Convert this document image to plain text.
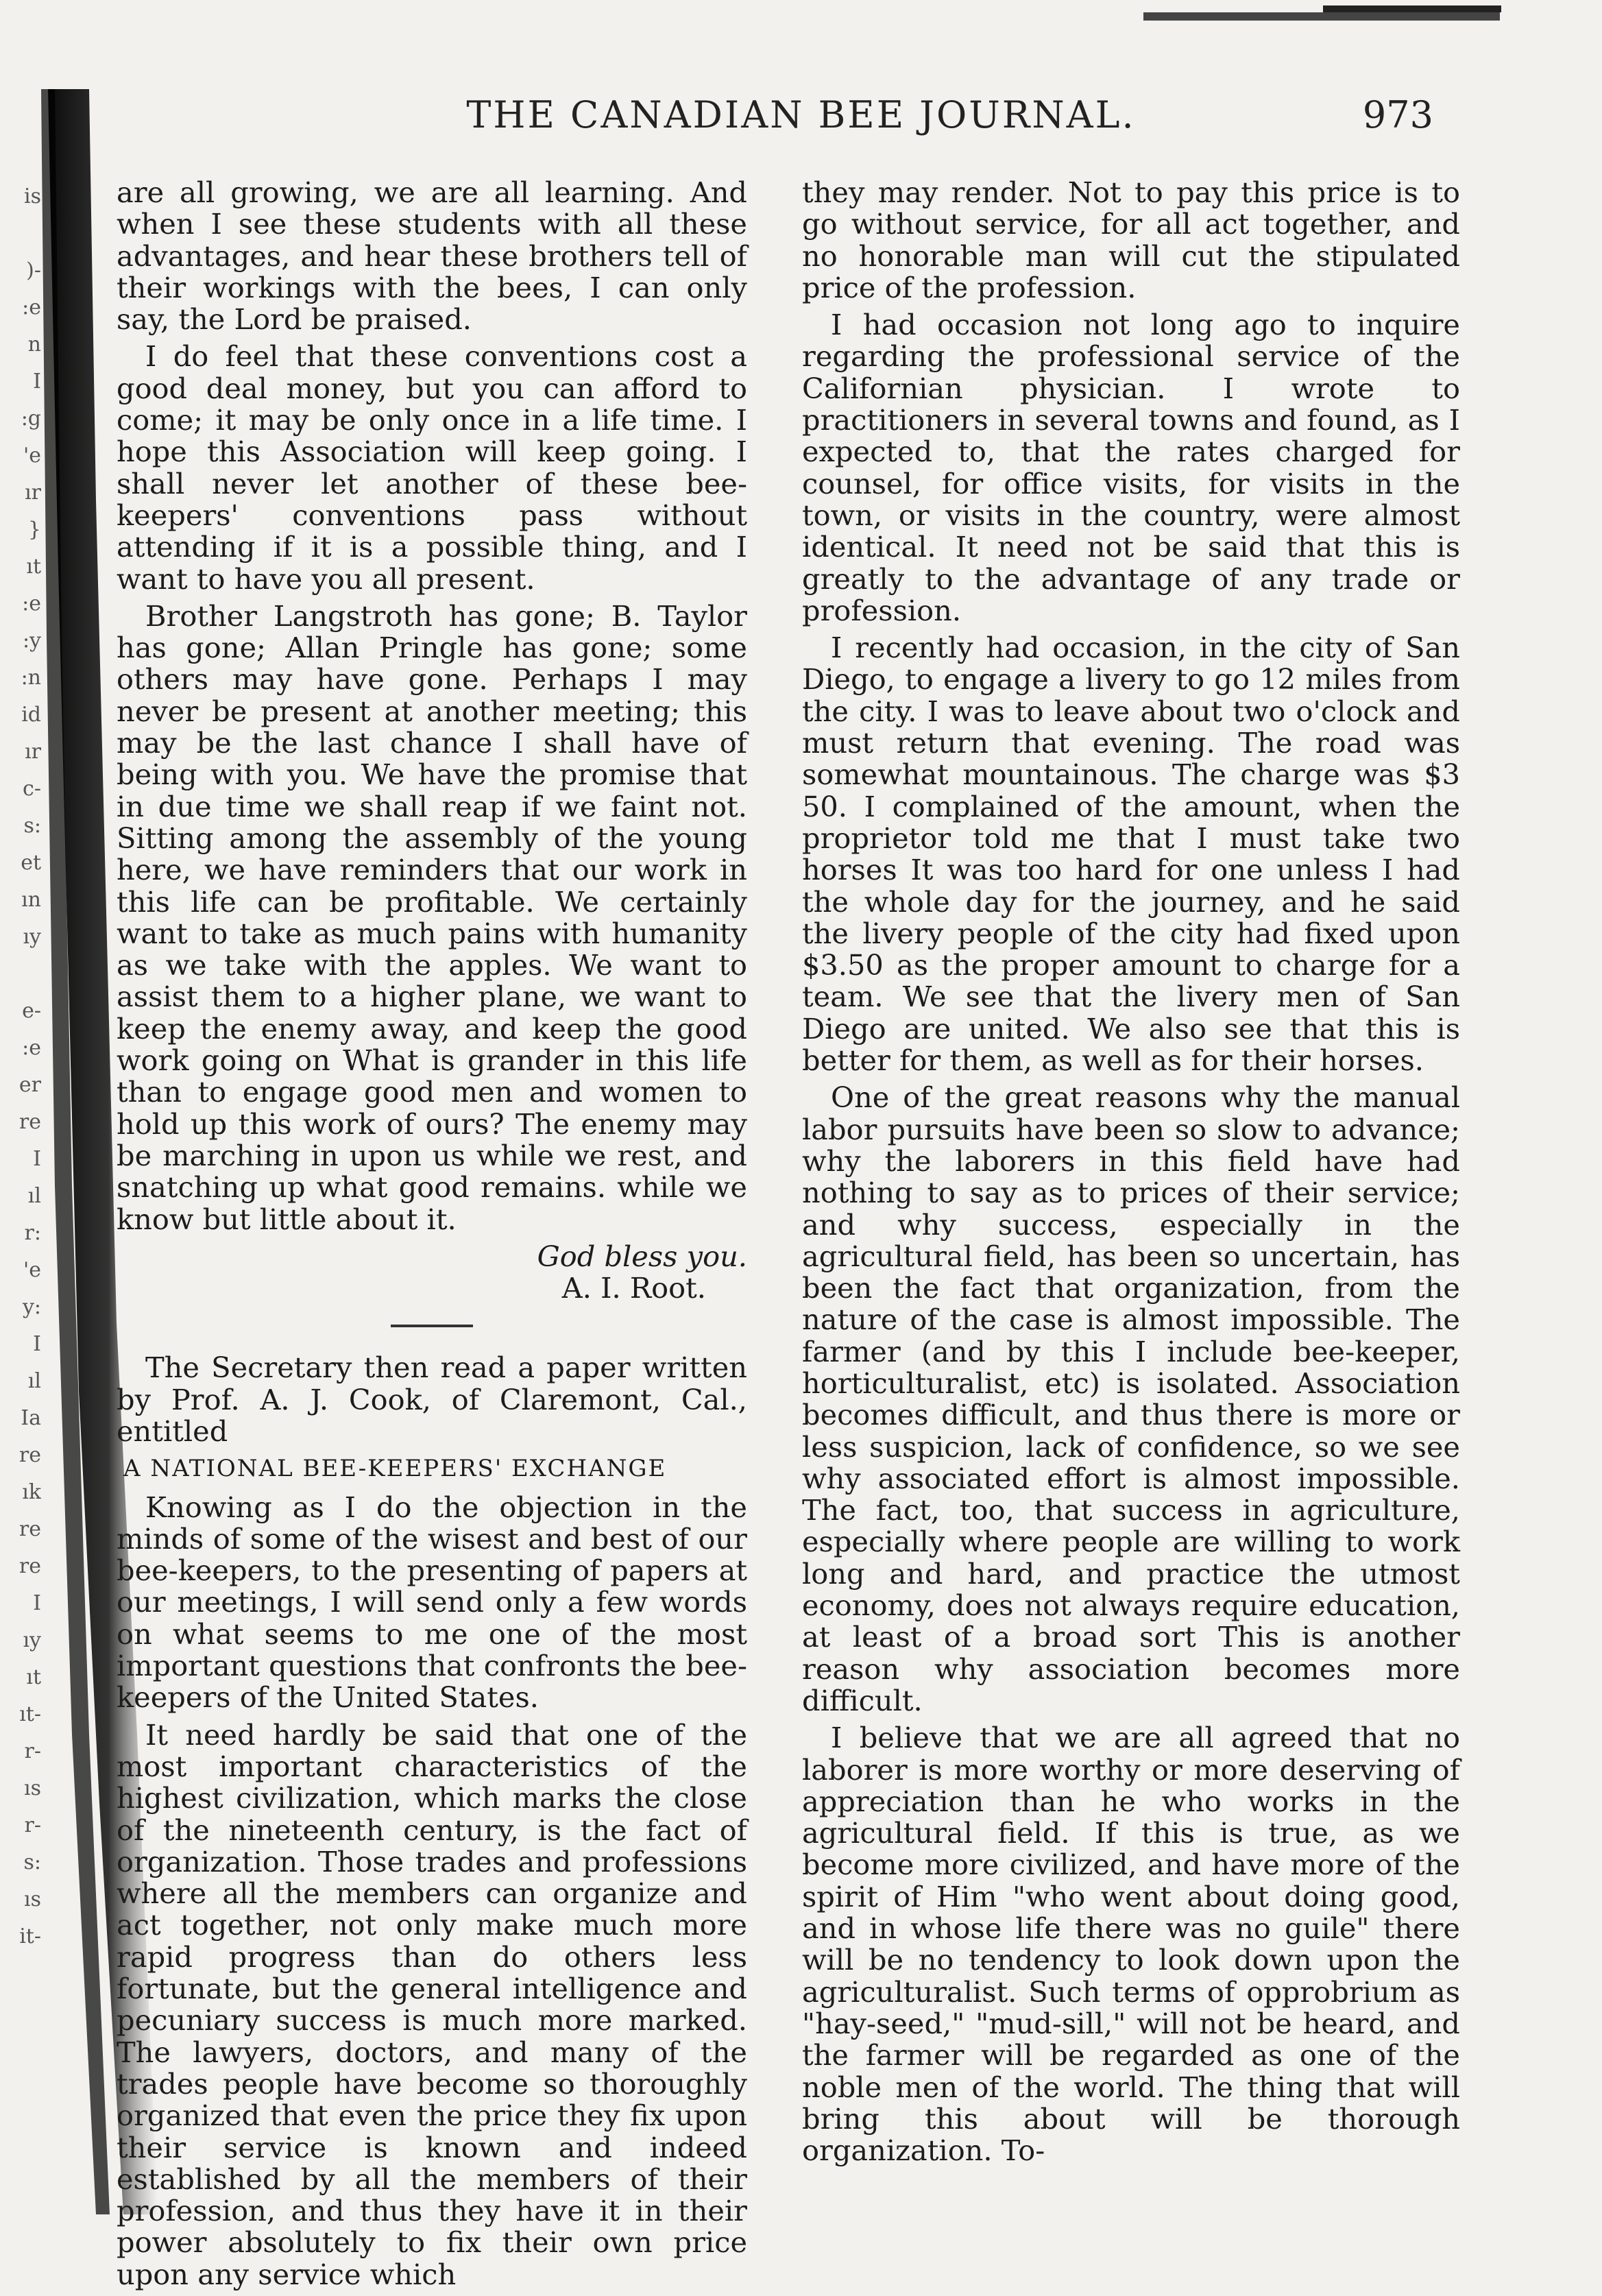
THE CANADIAN BEE JOURNAL.	973
is

)-
:e
n
I
:g
'e
ır
}
ıt
:e
:y
:n
id
ır
c-
s:
et
ın
ıy

e-
:e
er
re
I
ıl
r:
'e
y:
I
ıl
Ia
re
ık
re
re
I
ıy
ıt
ıt-
r-
ıs
r-
s:
ıs
it-

are all growing, we are all learning. And when I see these students with all these advantages, and hear these brothers tell of their workings with the bees, I can only say, the Lord be praised.

I do feel that these conventions cost a good deal money, but you can afford to come; it may be only once in a life time. I hope this Association will keep going. I shall never let another of these bee-keepers' conventions pass without attending if it is a possible thing, and I want to have you all present.

Brother Langstroth has gone; B. Taylor has gone; Allan Pringle has gone; some others may have gone. Perhaps I may never be present at another meeting; this may be the last chance I shall have of being with you. We have the promise that in due time we shall reap if we faint not. Sitting among the assembly of the young here, we have reminders that our work in this life can be profitable. We certainly want to take as much pains with humanity as we take with the apples. We want to assist them to a higher plane, we want to keep the enemy away, and keep the good work going on What is grander in this life than to engage good men and women to hold up this work of ours? The enemy may be marching in upon us while we rest, and snatching up what good remains. while we know but little about it.

God bless you.
A. I. Root.

The Secretary then read a paper written by Prof. A. J. Cook, of Claremont, Cal., entitled

A NATIONAL BEE-KEEPERS' EXCHANGE

Knowing as I do the objection in the minds of some of the wisest and best of our bee-keepers, to the presenting of papers at our meetings, I will send only a few words on what seems to me one of the most important questions that confronts the bee-keepers of the United States.

It need hardly be said that one of the most important characteristics of the highest civilization, which marks the close of the nineteenth century, is the fact of organization. Those trades and professions where all the members can organize and act together, not only make much more rapid progress than do others less fortunate, but the general intelligence and pecuniary success is much more marked. The lawyers, doctors, and many of the trades people have become so thoroughly organized that even the price they fix upon their service is known and indeed established by all the members of their profession, and thus they have it in their power absolutely to fix their own price upon any service which

they may render. Not to pay this price is to go without service, for all act together, and no honorable man will cut the stipulated price of the profession.

I had occasion not long ago to inquire regarding the professional service of the Californian physician. I wrote to practitioners in several towns and found, as I expected to, that the rates charged for counsel, for office visits, for visits in the town, or visits in the country, were almost identical. It need not be said that this is greatly to the advantage of any trade or profession.

I recently had occasion, in the city of San Diego, to engage a livery to go 12 miles from the city. I was to leave about two o'clock and must return that evening. The road was somewhat mountainous. The charge was $3 50. I complained of the amount, when the proprietor told me that I must take two horses It was too hard for one unless I had the whole day for the journey, and he said the livery people of the city had fixed upon $3.50 as the proper amount to charge for a team. We see that the livery men of San Diego are united. We also see that this is better for them, as well as for their horses.

One of the great reasons why the manual labor pursuits have been so slow to advance; why the laborers in this field have had nothing to say as to prices of their service; and why success, especially in the agricultural field, has been so uncertain, has been the fact that organization, from the nature of the case is almost impossible. The farmer (and by this I include bee-keeper, horticulturalist, etc) is isolated. Association becomes difficult, and thus there is more or less suspicion, lack of confidence, so we see why associated effort is almost impossible. The fact, too, that success in agriculture, especially where people are willing to work long and hard, and practice the utmost economy, does not always require education, at least of a broad sort This is another reason why association becomes more difficult.

I believe that we are all agreed that no laborer is more worthy or more deserving of appreciation than he who works in the agricultural field. If this is true, as we become more civilized, and have more of the spirit of Him "who went about doing good, and in whose life there was no guile" there will be no tendency to look down upon the agriculturalist. Such terms of opprobrium as "hay-seed," "mud-sill," will not be heard, and the farmer will be regarded as one of the noble men of the world. The thing that will bring this about will be thorough organization. To-
